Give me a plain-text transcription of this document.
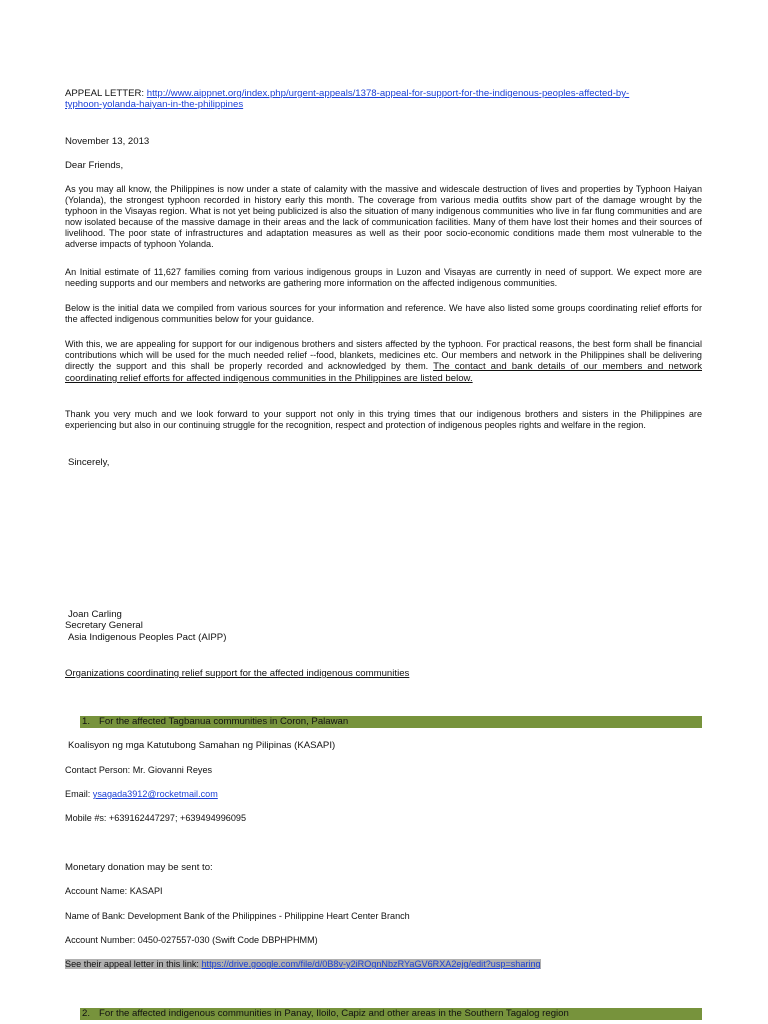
APPEAL LETTER: http://www.aippnet.org/index.php/urgent-appeals/1378-appeal-for-support-for-the-indigenous-peoples-affected-by-
typhoon-yolanda-haiyan-in-the-philippines
November 13, 2013
Dear Friends,

As you may all know, the Philippines is now under a state of calamity with the massive and widescale destruction of lives and properties by Typhoon Haiyan (Yolanda), the strongest typhoon recorded in history early this month. The coverage from various media outfits show part of the damage wrought by the typhoon in the Visayas region. What is not yet being publicized is also the situation of many indigenous communities who live in far flung communities and are now isolated because of the massive damage in their areas and the lack of communication facilities. Many of them have lost their homes and their sources of livelihood. The poor state of infrastructures and adaptation measures as well as their poor socio-economic conditions made them most vulnerable to the adverse impacts of typhoon Yolanda.

An Initial estimate of 11,627 families coming from various indigenous groups in Luzon and Visayas are currently in need of support. We expect more are needing supports and our members and networks are gathering more information on the affected indigenous communities.

Below is the initial data we compiled from various sources for your information and reference. We have also listed some groups coordinating relief efforts for the affected indigenous communities below for your guidance.

With this, we are appealing for support for our indigenous brothers and sisters affected by the typhoon. For practical reasons, the best form shall be financial contributions which will be used for the much needed relief --food, blankets, medicines etc. Our members and network in the Philippines shall be delivering directly the support and this shall be properly recorded and acknowledged by them. The contact and bank details of our members and network coordinating relief efforts for affected indigenous communities in the Philippines are listed below.

Thank you very much and we look forward to your support not only in this trying times that our indigenous brothers and sisters in the Philippines are experiencing but also in our continuing struggle for the recognition, respect and protection of indigenous peoples rights and welfare in the region.

Sincerely,
Joan Carling
Secretary General
Asia Indigenous Peoples Pact (AIPP)
Organizations coordinating relief support for the affected indigenous communities
1. For the affected Tagbanua communities in Coron, Palawan
Koalisyon ng mga Katutubong Samahan ng Pilipinas (KASAPI)
Contact Person: Mr. Giovanni Reyes
Email: ysagada3912@rocketmail.com
Mobile #s: +639162447297; +639494996095
Monetary donation may be sent to:
Account Name: KASAPI
Name of Bank: Development Bank of the Philippines - Philippine Heart Center Branch
Account Number: 0450-027557-030 (Swift Code DBPHPHMM)
See their appeal letter in this link: https://drive.google.com/file/d/0B8v-y2iROgnNbzRYaGV6RXA2ejg/edit?usp=sharing
2. For the affected indigenous communities in Panay, Iloilo, Capiz and other areas in the Southern Tagalog region
